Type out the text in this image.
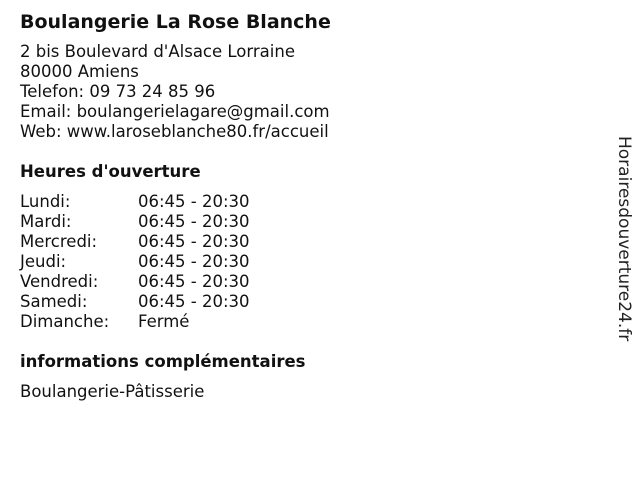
Boulangerie La Rose Blanche
2 bis Boulevard d'Alsace Lorraine
80000 Amiens
Telefon: 09 73 24 85 96
Email: boulangerielagare@gmail.com
Web: www.laroseblanche80.fr/accueil
Heures d'ouverture
Lundi:	06:45 - 20:30
Mardi:	06:45 - 20:30
Mercredi:	06:45 - 20:30
Jeudi:	06:45 - 20:30
Vendredi:	06:45 - 20:30
Samedi:	06:45 - 20:30
Dimanche:	Fermé
informations complémentaires
Boulangerie-Pâtisserie
Horairesdouverture24.fr
